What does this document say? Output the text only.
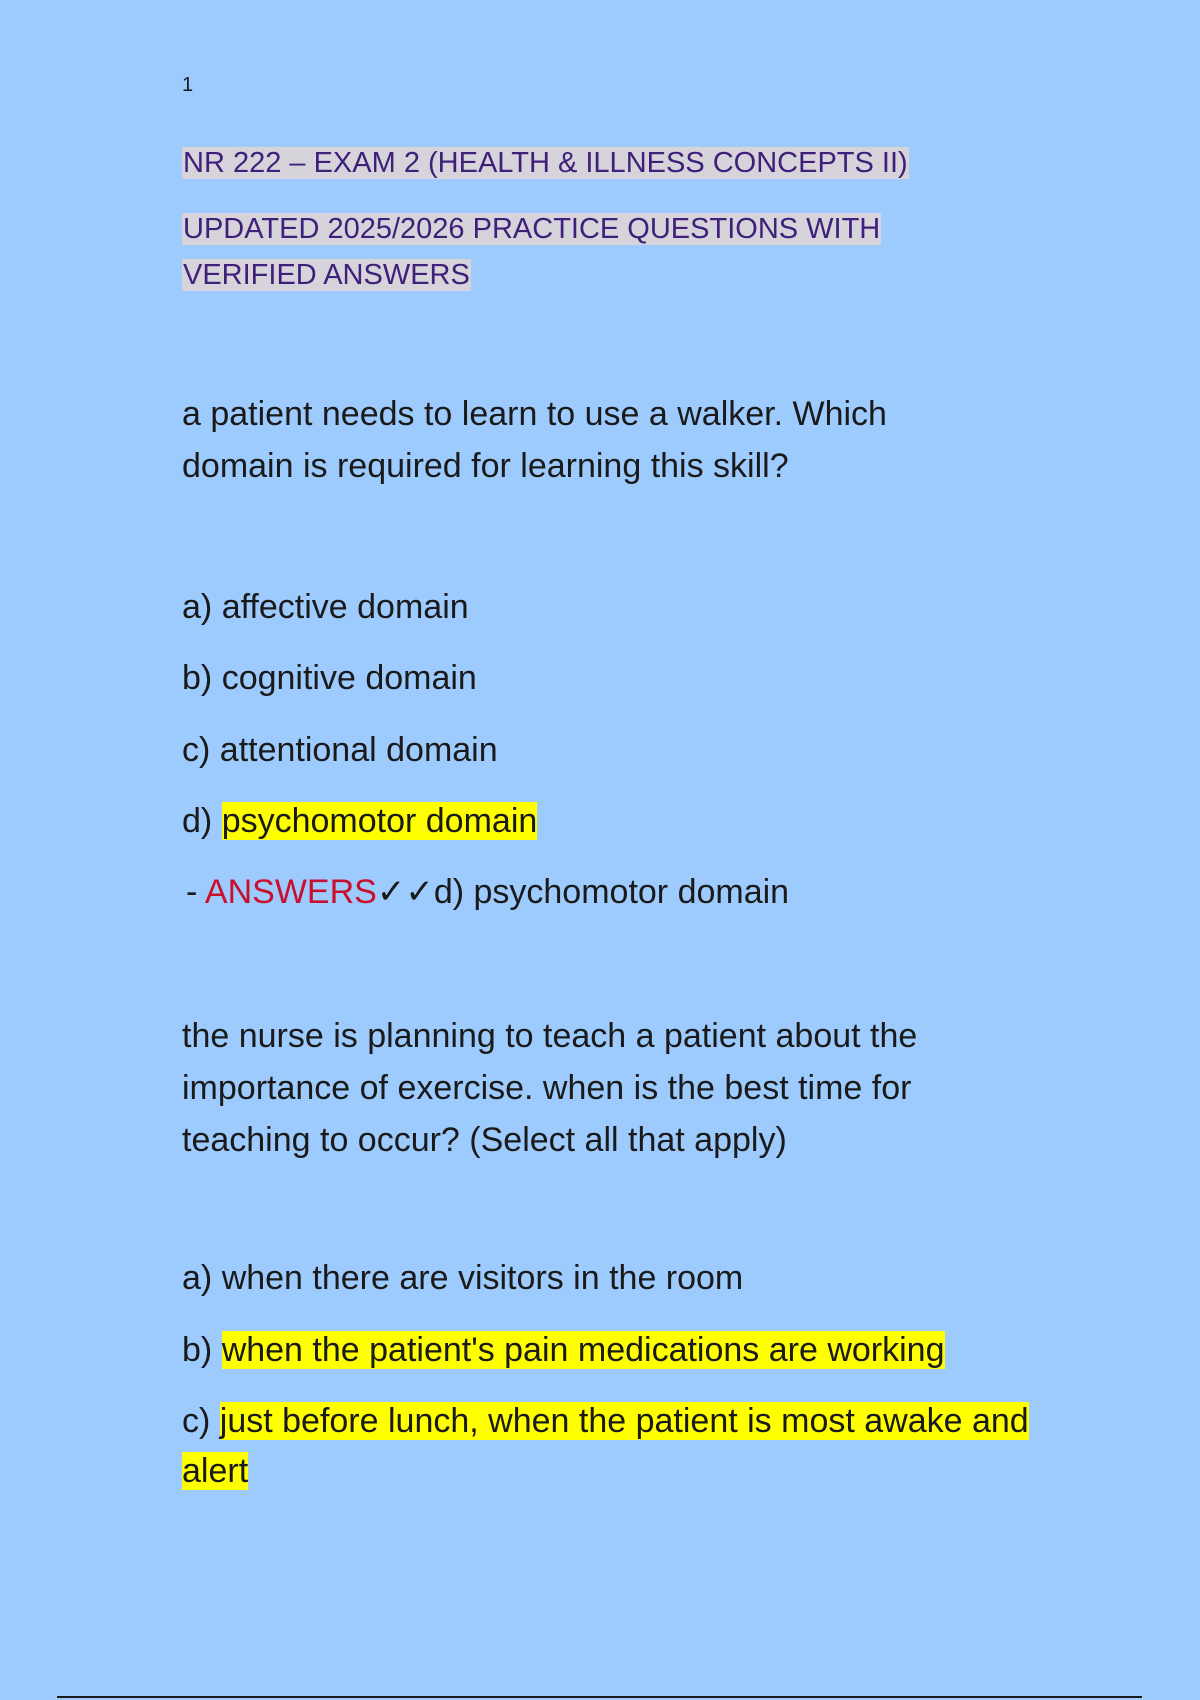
1
NR 222 – EXAM 2 (HEALTH & ILLNESS CONCEPTS II)
UPDATED 2025/2026 PRACTICE QUESTIONS WITH
VERIFIED ANSWERS
a patient needs to learn to use a walker. Which domain is required for learning this skill?
a) affective domain
b) cognitive domain
c) attentional domain
d) psychomotor domain
- ANSWERS✓✓d) psychomotor domain
the nurse is planning to teach a patient about the importance of exercise. when is the best time for teaching to occur? (Select all that apply)
a) when there are visitors in the room
b) when the patient's pain medications are working
c) just before lunch, when the patient is most awake and alert
